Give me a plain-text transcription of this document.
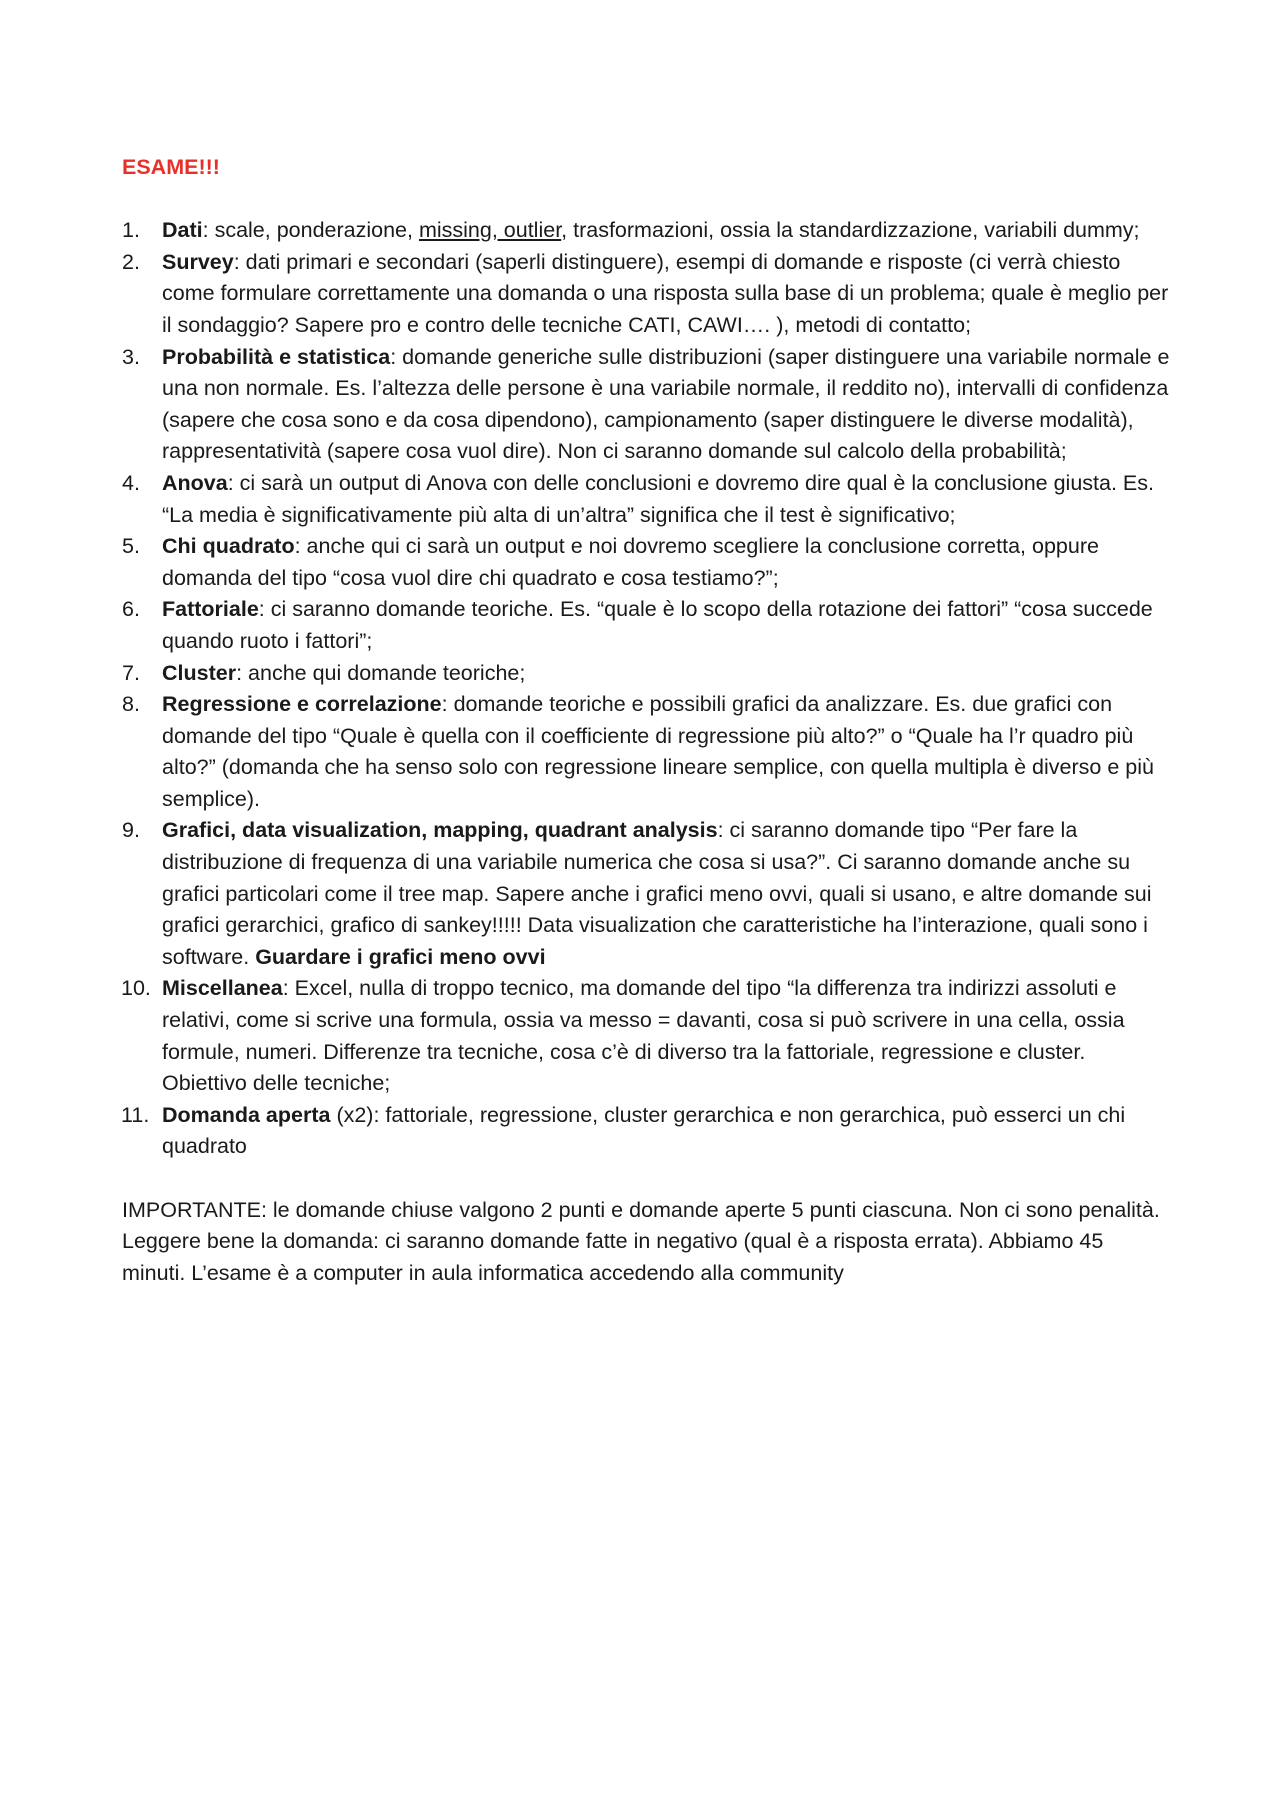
ESAME!!!
1.	Dati: scale, ponderazione, missing, outlier, trasformazioni, ossia la standardizzazione, variabili dummy;
2.	Survey: dati primari e secondari (saperli distinguere), esempi di domande e risposte (ci verrà chiesto come formulare correttamente una domanda o una risposta sulla base di un problema; quale è meglio per il sondaggio? Sapere pro e contro delle tecniche CATI, CAWI…. ), metodi di contatto;
3.	Probabilità e statistica: domande generiche sulle distribuzioni (saper distinguere una variabile normale e una non normale. Es. l’altezza delle persone è una variabile normale, il reddito no), intervalli di confidenza (sapere che cosa sono e da cosa dipendono), campionamento (saper distinguere le diverse modalità), rappresentatività (sapere cosa vuol dire). Non ci saranno domande sul calcolo della probabilità;
4.	Anova: ci sarà un output di Anova con delle conclusioni e dovremo dire qual è la conclusione giusta. Es. “La media è significativamente più alta di un’altra” significa che il test è significativo;
5.	Chi quadrato: anche qui ci sarà un output e noi dovremo scegliere la conclusione corretta, oppure domanda del tipo “cosa vuol dire chi quadrato e cosa testiamo?”;
6.	Fattoriale: ci saranno domande teoriche. Es. “quale è lo scopo della rotazione dei fattori” “cosa succede quando ruoto i fattori”;
7.	Cluster: anche qui domande teoriche;
8.	Regressione e correlazione: domande teoriche e possibili grafici da analizzare. Es. due grafici con domande del tipo “Quale è quella con il coefficiente di regressione più alto?” o “Quale ha l’r quadro più alto?” (domanda che ha senso solo con regressione lineare semplice, con quella multipla è diverso e più semplice).
9.	Grafici, data visualization, mapping, quadrant analysis: ci saranno domande tipo “Per fare la distribuzione di frequenza di una variabile numerica che cosa si usa?”. Ci saranno domande anche su grafici particolari come il tree map. Sapere anche i grafici meno ovvi, quali si usano, e altre domande sui grafici gerarchici, grafico di sankey!!!!! Data visualization che caratteristiche ha l’interazione, quali sono i software. Guardare i grafici meno ovvi
10. Miscellanea: Excel, nulla di troppo tecnico, ma domande del tipo “la differenza tra indirizzi assoluti e relativi, come si scrive una formula, ossia va messo = davanti, cosa si può scrivere in una cella, ossia formule, numeri. Differenze tra tecniche, cosa c’è di diverso tra la fattoriale, regressione e cluster. Obiettivo delle tecniche;
11. Domanda aperta (x2): fattoriale, regressione, cluster gerarchica e non gerarchica, può esserci un chi quadrato
IMPORTANTE: le domande chiuse valgono 2 punti e domande aperte 5 punti ciascuna. Non ci sono penalità. Leggere bene la domanda: ci saranno domande fatte in negativo (qual è a risposta errata). Abbiamo 45 minuti. L’esame è a computer in aula informatica accedendo alla community
